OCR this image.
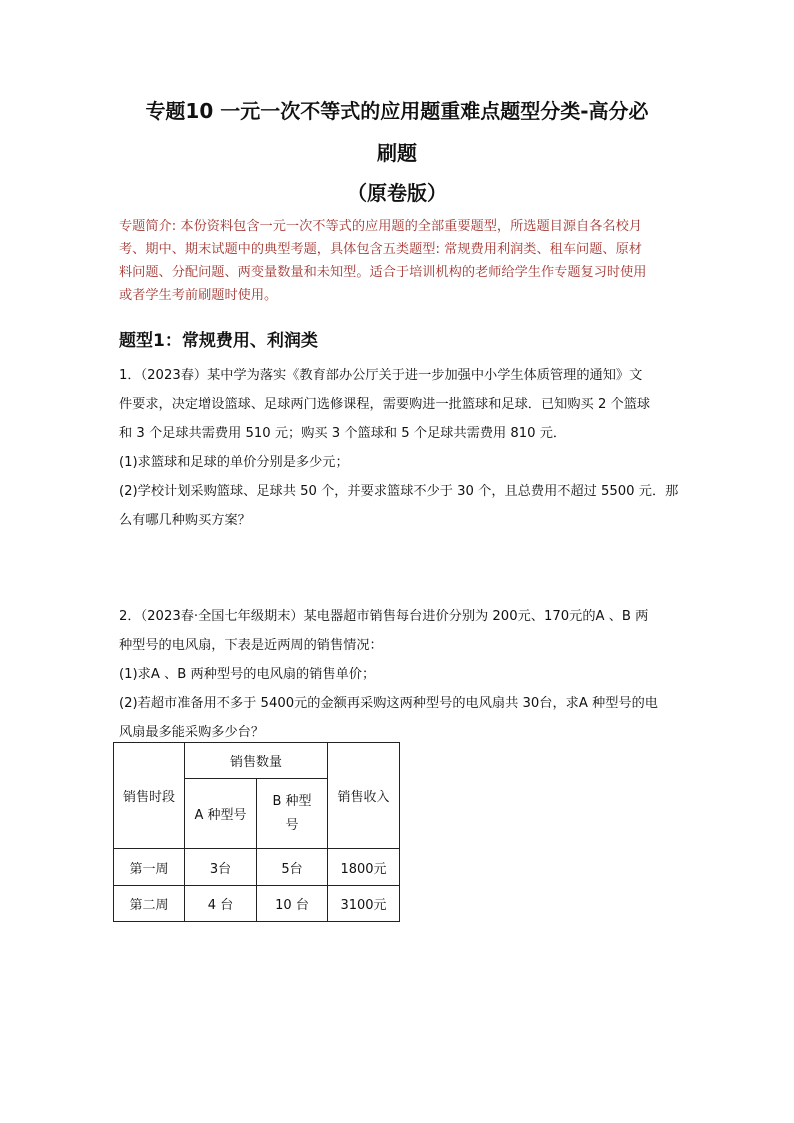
专题10 一元一次不等式的应用题重难点题型分类-高分必
刷题
（原卷版）

专题简介: 本份资料包含一元一次不等式的应用题的全部重要题型，所选题目源自各名校月

考、期中、期末试题中的典型考题，具体包含五类题型: 常规费用利润类、租车问题、原材

料问题、分配问题、两变量数量和未知型。适合于培训机构的老师给学生作专题复习时使用

或者学生考前刷题时使用。

题型1：常规费用、利润类

1．（2023春）某中学为落实《教育部办公厅关于进一步加强中小学生体质管理的通知》文

件要求，决定增设篮球、足球两门选修课程，需要购进一批篮球和足球．已知购买 2 个篮球

和 3 个足球共需费用 510 元；购买 3 个篮球和 5 个足球共需费用 810 元．

(1)求篮球和足球的单价分别是多少元；

(2)学校计划采购篮球、足球共 50 个，并要求篮球不少于 30 个，且总费用不超过 5500 元．那

么有哪几种购买方案？

2．（2023春·全国七年级期末）某电器超市销售每台进价分别为 200元、170元的A 、B 两

种型号的电风扇，下表是近两周的销售情况：

(1)求A 、B 两种型号的电风扇的销售单价；

(2)若超市准备用不多于 5400元的金额再采购这两种型号的电风扇共 30台，求A 种型号的电

风扇最多能采购多少台？

销售时段	销售数量		销售收入
	A 种型号	B 种型
号	

第一周	3台	5台	1800元
第二周	4 台	10 台	3100元
